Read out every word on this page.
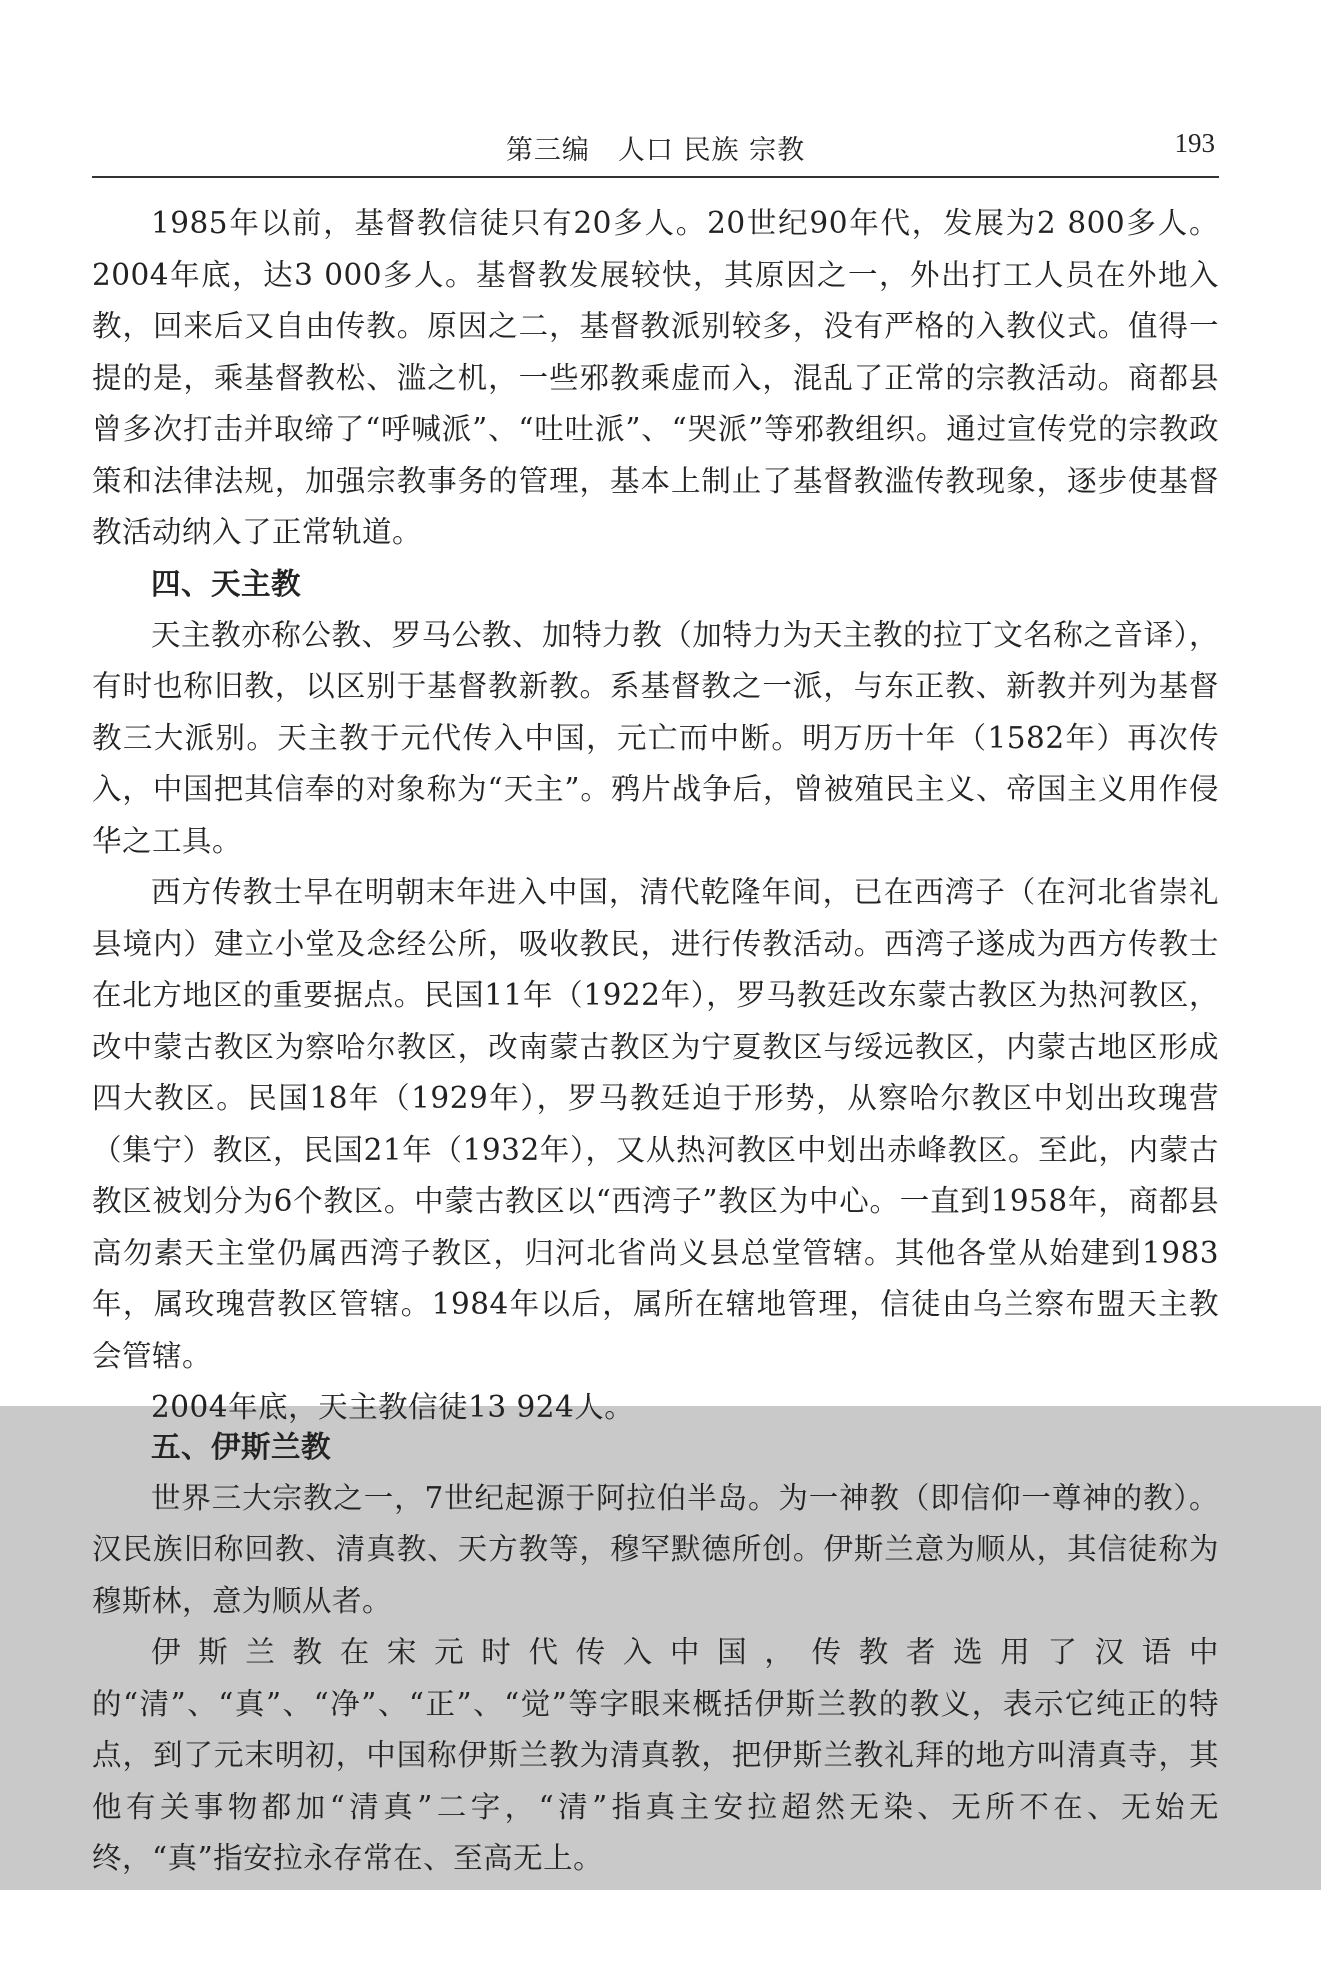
第三编　人口 民族 宗教	193

1985年以前，基督教信徒只有20多人。20世纪90年代，发展为2 800多人。2004年底，达3 000多人。基督教发展较快，其原因之一，外出打工人员在外地入教，回来后又自由传教。原因之二，基督教派别较多，没有严格的入教仪式。值得一提的是，乘基督教松、滥之机，一些邪教乘虚而入，混乱了正常的宗教活动。商都县曾多次打击并取缔了“呼喊派”、“吐吐派”、“哭派”等邪教组织。通过宣传党的宗教政策和法律法规，加强宗教事务的管理，基本上制止了基督教滥传教现象，逐步使基督教活动纳入了正常轨道。

四、天主教

天主教亦称公教、罗马公教、加特力教（加特力为天主教的拉丁文名称之音译），有时也称旧教，以区别于基督教新教。系基督教之一派，与东正教、新教并列为基督教三大派别。天主教于元代传入中国，元亡而中断。明万历十年（1582年）再次传入，中国把其信奉的对象称为“天主”。鸦片战争后，曾被殖民主义、帝国主义用作侵华之工具。

西方传教士早在明朝末年进入中国，清代乾隆年间，已在西湾子（在河北省崇礼县境内）建立小堂及念经公所，吸收教民，进行传教活动。西湾子遂成为西方传教士在北方地区的重要据点。民国11年（1922年），罗马教廷改东蒙古教区为热河教区，改中蒙古教区为察哈尔教区，改南蒙古教区为宁夏教区与绥远教区，内蒙古地区形成四大教区。民国18年（1929年），罗马教廷迫于形势，从察哈尔教区中划出玫瑰营（集宁）教区，民国21年（1932年），又从热河教区中划出赤峰教区。至此，内蒙古教区被划分为6个教区。中蒙古教区以“西湾子”教区为中心。一直到1958年，商都县高勿素天主堂仍属西湾子教区，归河北省尚义县总堂管辖。其他各堂从始建到1983年，属玫瑰营教区管辖。1984年以后，属所在辖地管理，信徒由乌兰察布盟天主教会管辖。

2004年底，天主教信徒13 924人。

五、伊斯兰教

世界三大宗教之一，7世纪起源于阿拉伯半岛。为一神教（即信仰一尊神的教）。汉民族旧称回教、清真教、天方教等，穆罕默德所创。伊斯兰意为顺从，其信徒称为穆斯林，意为顺从者。

伊斯兰教在宋元时代传入中国，传教者选用了汉语中的“清”、“真”、“净”、“正”、“觉”等字眼来概括伊斯兰教的教义，表示它纯正的特点，到了元末明初，中国称伊斯兰教为清真教，把伊斯兰教礼拜的地方叫清真寺，其他有关事物都加“清真”二字，“清”指真主安拉超然无染、无所不在、无始无终，“真”指安拉永存常在、至高无上。
